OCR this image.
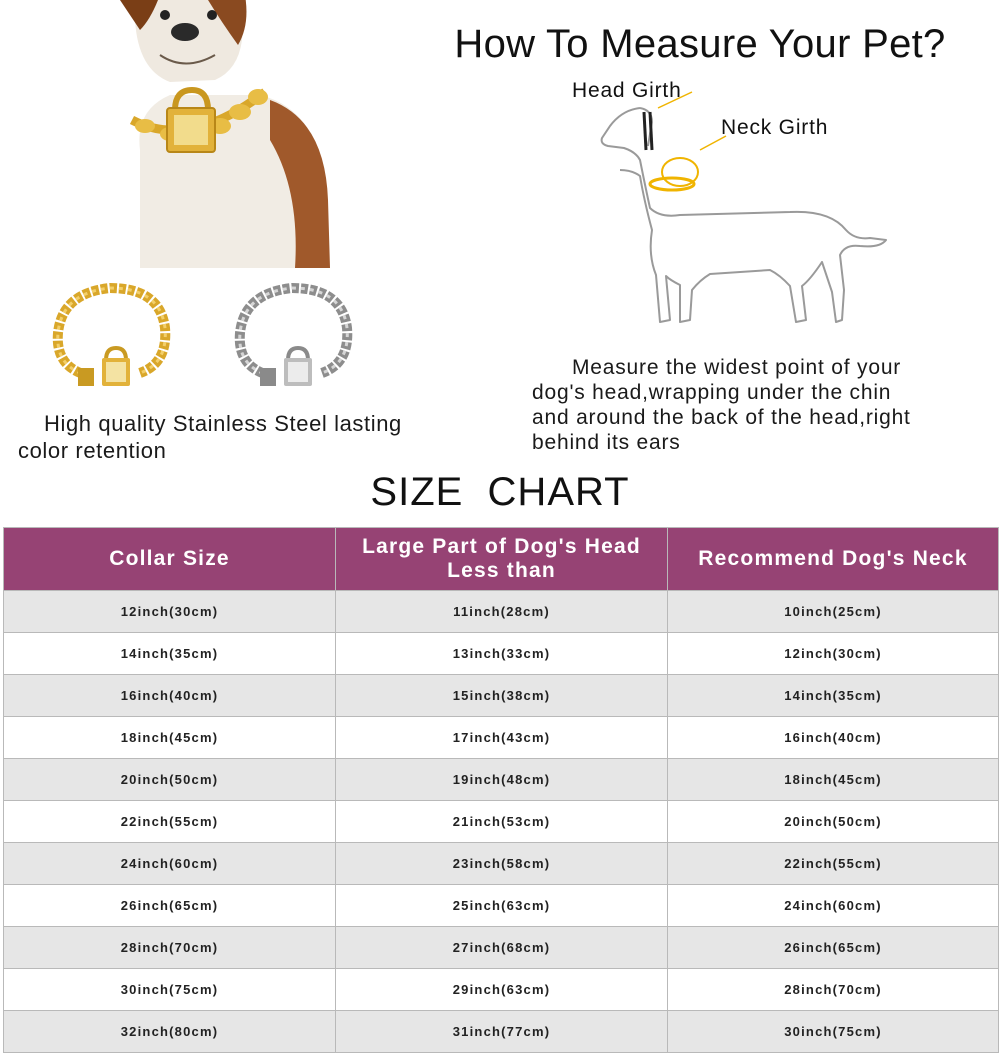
High quality Stainless Steel lasting
color retention
How To Measure Your Pet?
Head Girth
Neck Girth
Measure the widest point of your
dog's head,wrapping under the chin
and around the back of the head,right
behind its ears
SIZE  CHART
Collar Size	Large Part of Dog's Head Less than	Recommend Dog's Neck
12inch(30cm)	11inch(28cm)	10inch(25cm)
14inch(35cm)	13inch(33cm)	12inch(30cm)
16inch(40cm)	15inch(38cm)	14inch(35cm)
18inch(45cm)	17inch(43cm)	16inch(40cm)
20inch(50cm)	19inch(48cm)	18inch(45cm)
22inch(55cm)	21inch(53cm)	20inch(50cm)
24inch(60cm)	23inch(58cm)	22inch(55cm)
26inch(65cm)	25inch(63cm)	24inch(60cm)
28inch(70cm)	27inch(68cm)	26inch(65cm)
30inch(75cm)	29inch(63cm)	28inch(70cm)
32inch(80cm)	31inch(77cm)	30inch(75cm)
